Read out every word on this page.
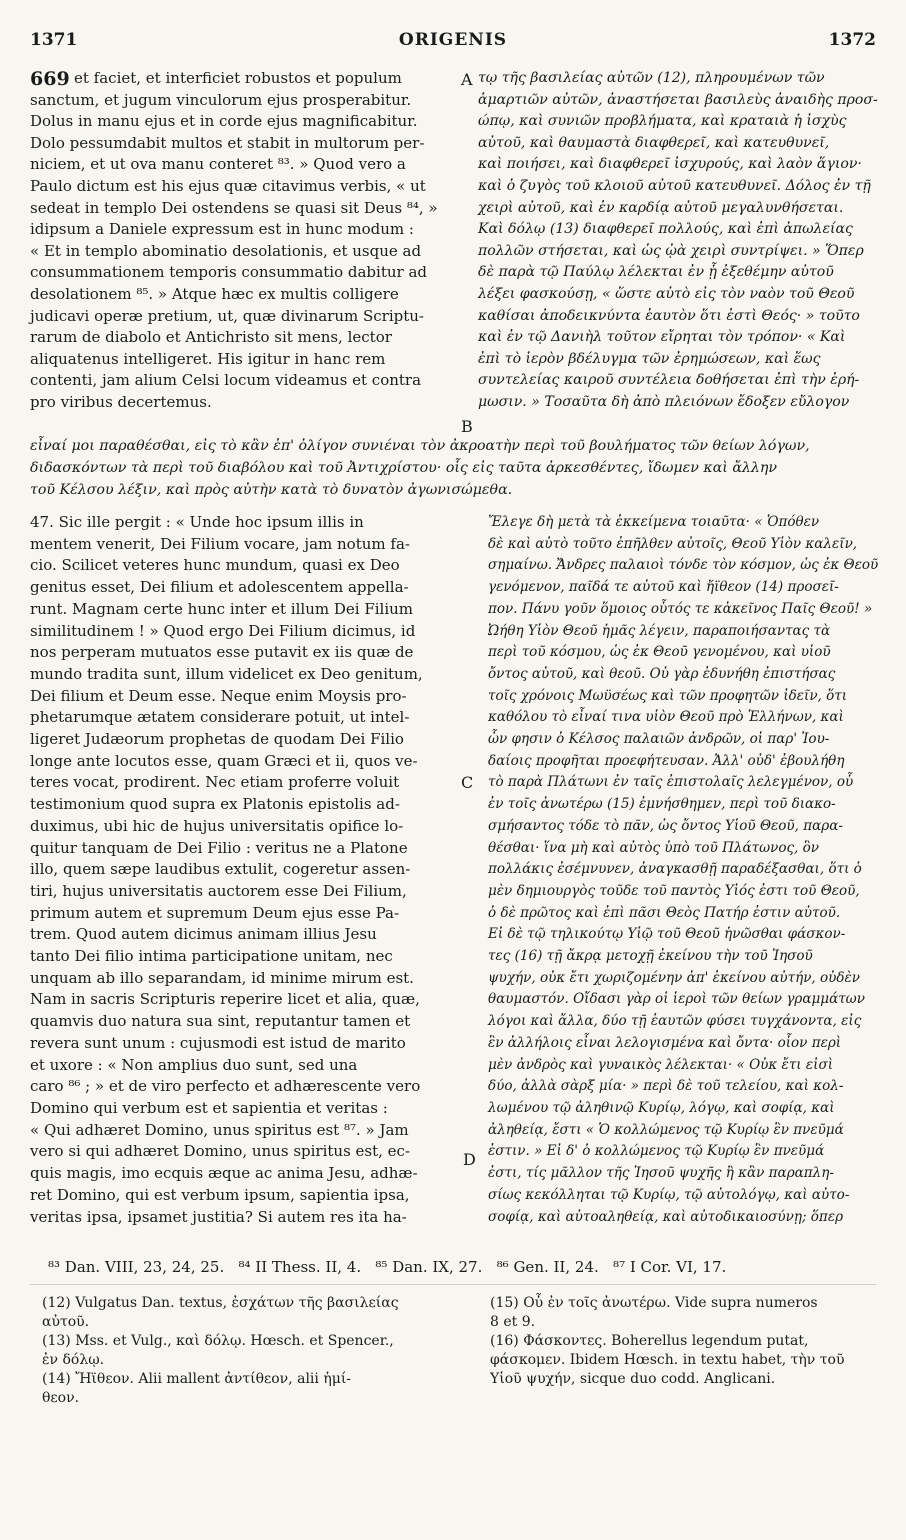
1371	ORIGENIS	1372
669 et faciet, et interficiet robustos et populum
sanctum, et jugum vinculorum ejus prosperabitur.
Dolus in manu ejus et in corde ejus magnificabitur.
Dolo pessumdabit multos et stabit in multorum per-
niciem, et ut ova manu conteret ⁸³. » Quod vero a
Paulo dictum est his ejus quæ citavimus verbis, « ut
sedeat in templo Dei ostendens se quasi sit Deus ⁸⁴, »
idipsum a Daniele expressum est in hunc modum :
« Et in templo abominatio desolationis, et usque ad
consummationem temporis consummatio dabitur ad
desolationem ⁸⁵. » Atque hæc ex multis colligere
judicavi operæ pretium, ut, quæ divinarum Scriptu-
rarum de diabolo et Antichristo sit mens, lector
aliquatenus intelligeret. His igitur in hanc rem
contenti, jam alium Celsi locum videamus et contra
pro viribus decertemus.
τῳ τῆς βασιλείας αὐτῶν (12), πληρουμένων τῶν
ἁμαρτιῶν αὐτῶν, ἀναστήσεται βασιλεὺς ἀναιδὴς προσ-
ώπῳ, καὶ συνιῶν προβλήματα, καὶ κραταιὰ ἡ ἰσχὺς
αὐτοῦ, καὶ θαυμαστὰ διαφθερεῖ, καὶ κατευθυνεῖ,
καὶ ποιήσει, καὶ διαφθερεῖ ἰσχυρούς, καὶ λαὸν ἅγιον·
καὶ ὁ ζυγὸς τοῦ κλοιοῦ αὐτοῦ κατευθυνεῖ. Δόλος ἐν τῇ
χειρὶ αὐτοῦ, καὶ ἐν καρδίᾳ αὐτοῦ μεγαλυνθήσεται.
Καὶ δόλῳ (13) διαφθερεῖ πολλούς, καὶ ἐπὶ ἀπωλείας
πολλῶν στήσεται, καὶ ὡς ᾠὰ χειρὶ συντρίψει. » Ὅπερ
δὲ παρὰ τῷ Παύλῳ λέλεκται ἐν ᾗ ἐξεθέμην αὐτοῦ
λέξει φασκούσῃ, « ὥστε αὐτὸ εἰς τὸν ναὸν τοῦ Θεοῦ
καθίσαι ἀποδεικνύντα ἑαυτὸν ὅτι ἐστὶ Θεός· » τοῦτο
καὶ ἐν τῷ Δανιὴλ τοῦτον εἴρηται τὸν τρόπον· « Καὶ
ἐπὶ τὸ ἱερὸν βδέλυγμα τῶν ἐρημώσεων, καὶ ἕως
συντελείας καιροῦ συντέλεια δοθήσεται ἐπὶ τὴν ἐρή-
μωσιν. » Τοσαῦτα δὴ ἀπὸ πλειόνων ἔδοξεν εὔλογον
A
B
C
D
εἶναί μοι παραθέσθαι, εἰς τὸ κἂν ἐπ' ὀλίγον συνιέναι τὸν ἀκροατὴν περὶ τοῦ βουλήματος τῶν θείων λόγων,
διδασκόντων τὰ περὶ τοῦ διαβόλου καὶ τοῦ Ἀντιχρίστου· οἷς εἰς ταῦτα ἀρκεσθέντες, ἴδωμεν καὶ ἄλλην
τοῦ Κέλσου λέξιν, καὶ πρὸς αὐτὴν κατὰ τὸ δυνατὸν ἀγωνισώμεθα.
47. Sic ille pergit : « Unde hoc ipsum illis in
mentem venerit, Dei Filium vocare, jam notum fa-
cio. Scilicet veteres hunc mundum, quasi ex Deo
genitus esset, Dei filium et adolescentem appella-
runt. Magnam certe hunc inter et illum Dei Filium
similitudinem ! » Quod ergo Dei Filium dicimus, id
nos perperam mutuatos esse putavit ex iis quæ de
mundo tradita sunt, illum videlicet ex Deo genitum,
Dei filium et Deum esse. Neque enim Moysis pro-
phetarumque ætatem considerare potuit, ut intel-
ligeret Judæorum prophetas de quodam Dei Filio
longe ante locutos esse, quam Græci et ii, quos ve-
teres vocat, prodirent. Nec etiam proferre voluit
testimonium quod supra ex Platonis epistolis ad-
duximus, ubi hic de hujus universitatis opifice lo-
quitur tanquam de Dei Filio : veritus ne a Platone
illo, quem sæpe laudibus extulit, cogeretur assen-
tiri, hujus universitatis auctorem esse Dei Filium,
primum autem et supremum Deum ejus esse Pa-
trem. Quod autem dicimus animam illius Jesu
tanto Dei filio intima participatione unitam, nec
unquam ab illo separandam, id minime mirum est.
Nam in sacris Scripturis reperire licet et alia, quæ,
quamvis duo natura sua sint, reputantur tamen et
revera sunt unum : cujusmodi est istud de marito
et uxore : « Non amplius duo sunt, sed una
caro ⁸⁶ ; » et de viro perfecto et adhærescente vero
Domino qui verbum est et sapientia et veritas :
« Qui adhæret Domino, unus spiritus est ⁸⁷. » Jam
vero si qui adhæret Domino, unus spiritus est, ec-
quis magis, imo ecquis æque ac anima Jesu, adhæ-
ret Domino, qui est verbum ipsum, sapientia ipsa,
veritas ipsa, ipsamet justitia? Si autem res ita ha-
Ἔλεγε δὴ μετὰ τὰ ἐκκείμενα τοιαῦτα· « Ὁπόθεν
δὲ καὶ αὐτὸ τοῦτο ἐπῆλθεν αὐτοῖς, Θεοῦ Υἱὸν καλεῖν,
σημαίνω. Ἄνδρες παλαιοὶ τόνδε τὸν κόσμον, ὡς ἐκ Θεοῦ
γενόμενον, παῖδά τε αὐτοῦ καὶ ἤϊθεον (14) προσεῖ-
πον. Πάνυ γοῦν ὅμοιος οὗτός τε κἀκεῖνος Παῖς Θεοῦ! »
Ὠήθη Υἱὸν Θεοῦ ἡμᾶς λέγειν, παραποιήσαντας τὰ
περὶ τοῦ κόσμου, ὡς ἐκ Θεοῦ γενομένου, καὶ υἱοῦ
ὄντος αὐτοῦ, καὶ θεοῦ. Οὐ γὰρ ἐδυνήθη ἐπιστήσας
τοῖς χρόνοις Μωϋσέως καὶ τῶν προφητῶν ἰδεῖν, ὅτι
καθόλου τὸ εἶναί τινα υἱὸν Θεοῦ πρὸ Ἑλλήνων, καὶ
ὧν φησιν ὁ Κέλσος παλαιῶν ἀνδρῶν, οἱ παρ' Ἰου-
δαίοις προφῆται προεφήτευσαν. Ἀλλ' οὐδ' ἐβουλήθη
τὸ παρὰ Πλάτωνι ἐν ταῖς ἐπιστολαῖς λελεγμένον, οὗ
ἐν τοῖς ἀνωτέρω (15) ἐμνήσθημεν, περὶ τοῦ διακο-
σμήσαντος τόδε τὸ πᾶν, ὡς ὄντος Υἱοῦ Θεοῦ, παρα-
θέσθαι· ἵνα μὴ καὶ αὐτὸς ὑπὸ τοῦ Πλάτωνος, ὃν
πολλάκις ἐσέμνυνεν, ἀναγκασθῇ παραδέξασθαι, ὅτι ὁ
μὲν δημιουργὸς τοῦδε τοῦ παντὸς Υἱός ἐστι τοῦ Θεοῦ,
ὁ δὲ πρῶτος καὶ ἐπὶ πᾶσι Θεὸς Πατήρ ἐστιν αὐτοῦ.
Εἰ δὲ τῷ τηλικούτῳ Υἱῷ τοῦ Θεοῦ ἡνῶσθαι φάσκον-
τες (16) τῇ ἄκρᾳ μετοχῇ ἐκείνου τὴν τοῦ Ἰησοῦ
ψυχήν, οὐκ ἔτι χωριζομένην ἀπ' ἐκείνου αὐτήν, οὐδὲν
θαυμαστόν. Οἴδασι γὰρ οἱ ἱεροὶ τῶν θείων γραμμάτων
λόγοι καὶ ἄλλα, δύο τῇ ἑαυτῶν φύσει τυγχάνοντα, εἰς
ἓν ἀλλήλοις εἶναι λελογισμένα καὶ ὄντα· οἷον περὶ
μὲν ἀνδρὸς καὶ γυναικὸς λέλεκται· « Οὐκ ἔτι εἰσὶ
δύο, ἀλλὰ σὰρξ μία· » περὶ δὲ τοῦ τελείου, καὶ κολ-
λωμένου τῷ ἀληθινῷ Κυρίῳ, λόγῳ, καὶ σοφίᾳ, καὶ
ἀληθείᾳ, ἔστι « Ὁ κολλώμενος τῷ Κυρίῳ ἓν πνεῦμά
ἐστιν. » Εἰ δ' ὁ κολλώμενος τῷ Κυρίῳ ἓν πνεῦμά
ἐστι, τίς μᾶλλον τῆς Ἰησοῦ ψυχῆς ἢ κἂν παραπλη-
σίως κεκόλληται τῷ Κυρίῳ, τῷ αὐτολόγῳ, καὶ αὐτο-
σοφίᾳ, καὶ αὐτοαληθείᾳ, καὶ αὐτοδικαιοσύνῃ; ὅπερ
⁸³ Dan. VIII, 23, 24, 25.   ⁸⁴ II Thess. II, 4.   ⁸⁵ Dan. IX, 27.   ⁸⁶ Gen. II, 24.   ⁸⁷ I Cor. VI, 17.
(12) Vulgatus Dan. textus, ἐσχάτων τῆς βασιλείας
αὐτοῦ.
(13) Mss. et Vulg., καὶ δόλῳ. Hœsch. et Spencer.,
ἐν δόλῳ.
(14) Ἤϊθεον. Alii mallent ἀντίθεον, alii ἡμί-
θεον.
(15) Οὗ ἐν τοῖς ἀνωτέρω. Vide supra numeros
8 et 9.
(16) Φάσκοντες. Boherellus legendum putat,
φάσκομεν. Ibidem Hœsch. in textu habet, τὴν τοῦ
Υἱοῦ ψυχήν, sicque duo codd. Anglicani.
